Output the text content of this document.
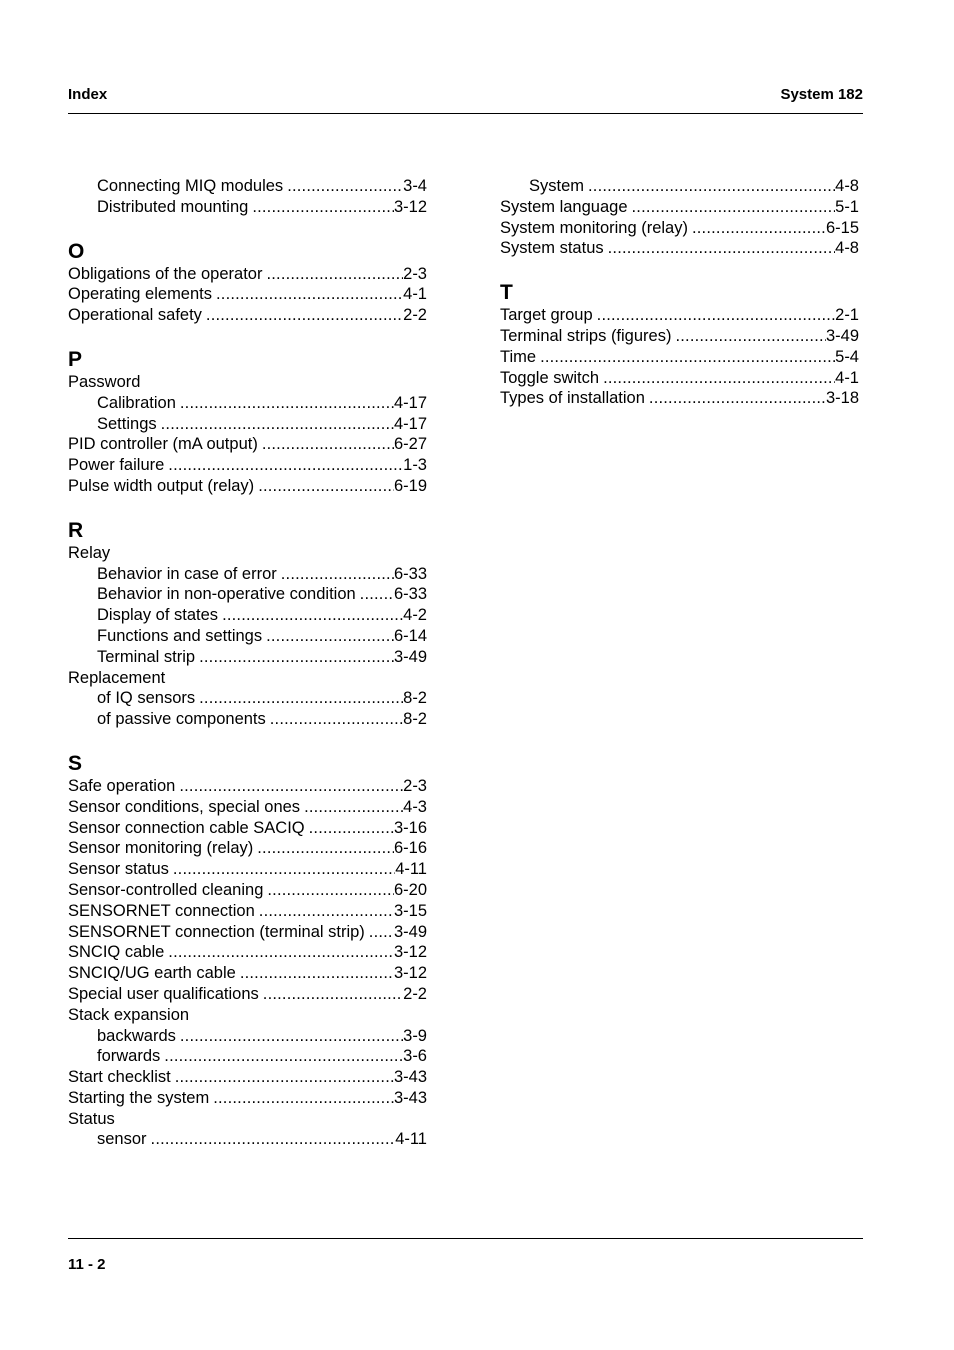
Index	System 182
Connecting MIQ modules .....	3-4
Distributed mounting .....	3-12
O
Obligations of the operator .....	2-3
Operating elements .....	4-1
Operational safety .....	2-2
P
Password
Calibration .....	4-17
Settings .....	4-17
PID controller (mA output) .....	6-27
Power failure .....	1-3
Pulse width output (relay) .....	6-19
R
Relay
Behavior in case of error .....	6-33
Behavior in non-operative condition ..... 6-33
Display of states .....	4-2
Functions and settings .....	6-14
Terminal strip .....	3-49
Replacement
of IQ sensors .....	8-2
of passive components .....	8-2
S
Safe operation .....	2-3
Sensor conditions, special ones .....	4-3
Sensor connection cable SACIQ .....	3-16
Sensor monitoring (relay) .....	6-16
Sensor status .....	4-11
Sensor-controlled cleaning .....	6-20
SENSORNET connection .....	3-15
SENSORNET connection (terminal strip) ..... 3-49
SNCIQ cable .....	3-12
SNCIQ/UG earth cable .....	3-12
Special user qualifications .....	2-2
Stack expansion
backwards .....	3-9
forwards .....	3-6
Start checklist .....	3-43
Starting the system .....	3-43
Status
sensor .....	4-11
System .....	4-8
System language .....	5-1
System monitoring (relay) .....	6-15
System status .....	4-8
T
Target group .....	2-1
Terminal strips (figures) .....	3-49
Time .....	5-4
Toggle switch .....	4-1
Types of installation .....	3-18
11 - 2
